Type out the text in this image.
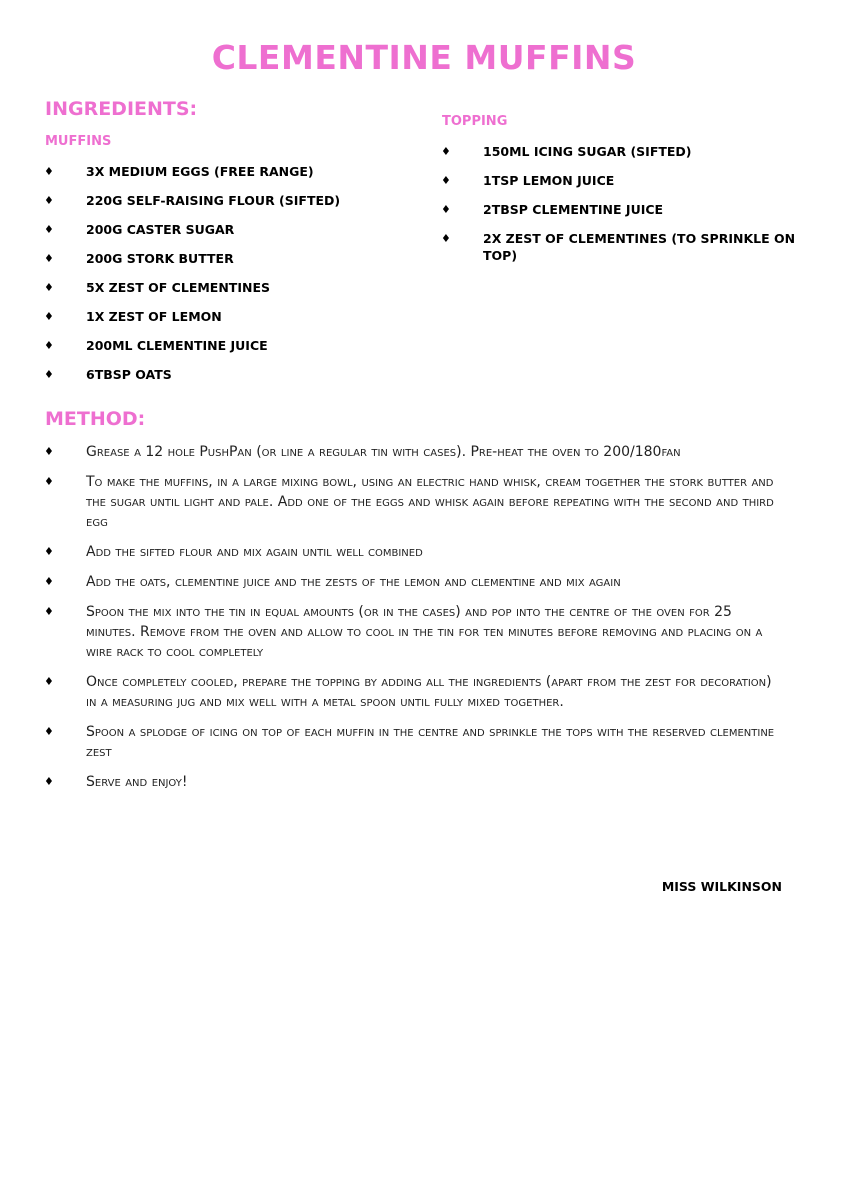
CLEMENTINE MUFFINS
INGREDIENTS:
MUFFINS
♦	3X MEDIUM EGGS (FREE RANGE)
♦	220G SELF-RAISING FLOUR (SIFTED)
♦	200G CASTER SUGAR
♦	200G STORK BUTTER
♦	5X ZEST OF CLEMENTINES
♦	1X ZEST OF LEMON
♦	200ML CLEMENTINE JUICE
♦	6TBSP OATS
TOPPING
♦	150ML ICING SUGAR (SIFTED)
♦	1TSP LEMON JUICE
♦	2TBSP CLEMENTINE JUICE
♦	2X ZEST OF CLEMENTINES (TO SPRINKLE ON TOP)
METHOD:
♦ Grease a 12 hole PushPan (or line a regular tin with cases). Pre-heat the oven to 200/180fan
♦ To make the muffins, in a large mixing bowl, using an electric hand whisk, cream together the stork butter and the sugar until light and pale. Add one of the eggs and whisk again before repeating with the second and third egg
♦ Add the sifted flour and mix again until well combined
♦ Add the oats, clementine juice and the zests of the lemon and clementine and mix again
♦ Spoon the mix into the tin in equal amounts (or in the cases) and pop into the centre of the oven for 25 minutes. Remove from the oven and allow to cool in the tin for ten minutes before removing and placing on a wire rack to cool completely
♦ Once completely cooled, prepare the topping by adding all the ingredients (apart from the zest for decoration) in a measuring jug and mix well with a metal spoon until fully mixed together.
♦ Spoon a splodge of icing on top of each muffin in the centre and sprinkle the tops with the reserved clementine zest
♦ Serve and enjoy!
MISS WILKINSON
